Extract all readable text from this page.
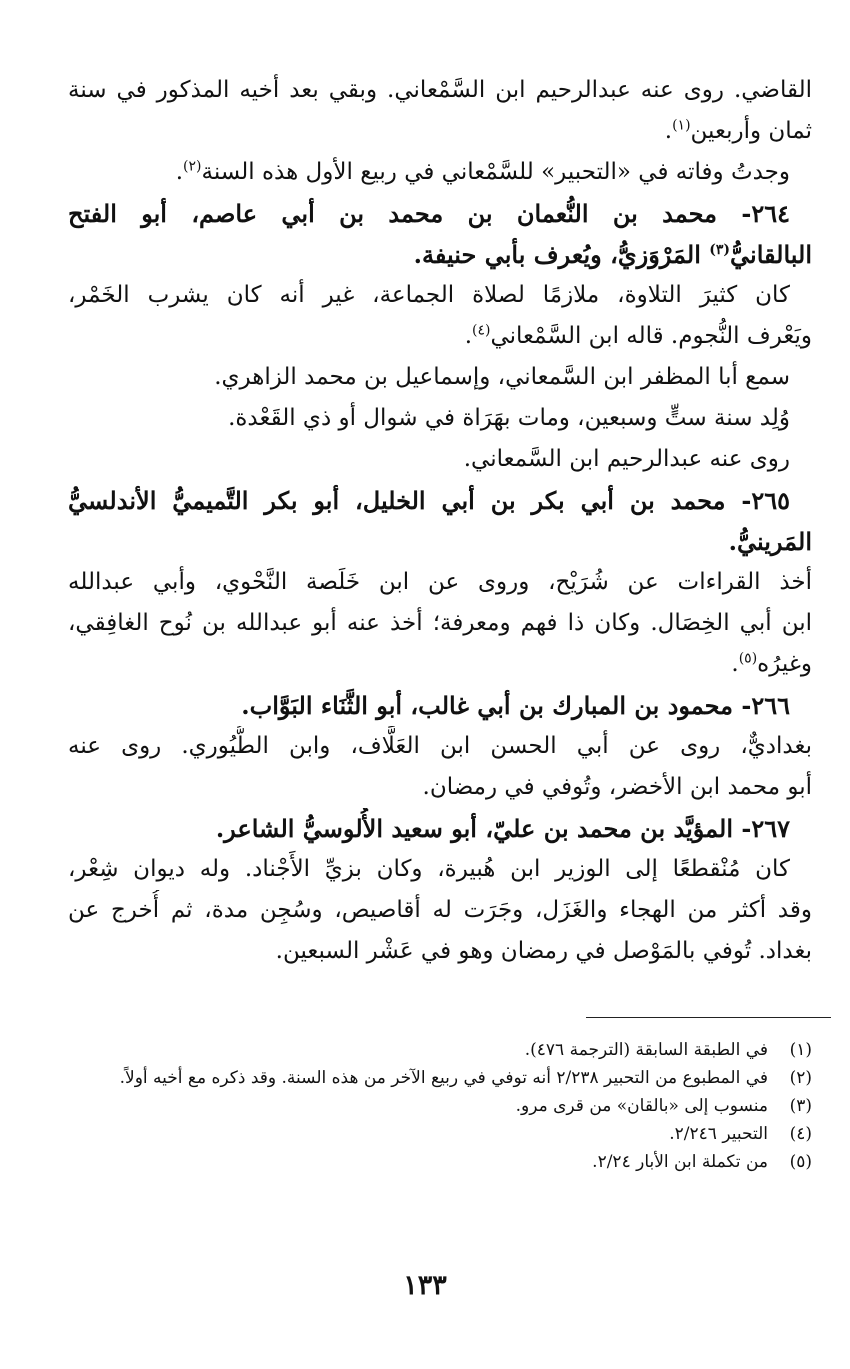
القاضي. روى عنه عبدالرحيم ابن السَّمْعاني. وبقي بعد أخيه المذكور في سنة
ثمان وأربعين$^{(١)}$.
وجدتُ وفاته في «التحبير» للسَّمْعاني في ربيع الأول هذه السنة$^{(٢)}$.
٢٦٤- محمد بن النُّعمان بن محمد بن أبي عاصم، أبو الفتح
البالقانيُّ$^{(٣)}$ المَرْوَزيُّ، ويُعرف بأبي حنيفة.
كان كثيرَ التلاوة، ملازمًا لصلاة الجماعة، غير أنه كان يشرب الخَمْر،
ويَعْرف النُّجوم. قاله ابن السَّمْعاني$^{(٤)}$.
سمع أبا المظفر ابن السَّمعاني، وإسماعيل بن محمد الزاهري.
وُلِد سنة ستٍّ وسبعين، ومات بهَرَاة في شوال أو ذي القَعْدة.
روى عنه عبدالرحيم ابن السَّمعاني.
٢٦٥- محمد بن أبي بكر بن أبي الخليل، أبو بكر التَّميميُّ الأندلسيُّ
المَرينيُّ.
أخذ القراءات عن شُرَيْح، وروى عن ابن خَلَصة النَّحْوي، وأبي عبدالله
ابن أبي الخِصَال. وكان ذا فهم ومعرفة؛ أخذ عنه أبو عبدالله بن نُوح الغافِقي،
وغيرُه$^{(٥)}$.
٢٦٦- محمود بن المبارك بن أبي غالب، أبو الثَّنَاء البَوَّاب.
بغداديٌّ، روى عن أبي الحسن ابن العَلَّاف، وابن الطُّيُوري. روى عنه
أبو محمد ابن الأخضر، وتُوفي في رمضان.
٢٦٧- المؤيَّد بن محمد بن عليّ، أبو سعيد الأُلوسيُّ الشاعر.
كان مُنْقطعًا إلى الوزير ابن هُبيرة، وكان بزيِّ الأَجْناد. وله ديوان شِعْر،
وقد أكثر من الهجاء والغَزَل، وجَرَت له أقاصيص، وسُجِن مدة، ثم أُخرج عن
بغداد. تُوفي بالمَوْصل في رمضان وهو في عَشْر السبعين.
(١)
في الطبقة السابقة (الترجمة ٤٧٦).
(٢)
في المطبوع من التحبير ٢/٢٣٨ أنه توفي في ربيع الآخر من هذه السنة. وقد ذكره مع أخيه أولاً.
(٣)
منسوب إلى «بالقان» من قرى مرو.
(٤)
التحبير ٢/٢٤٦.
(٥)
من تكملة ابن الأبار ٢/٢٤.
١٣٣
